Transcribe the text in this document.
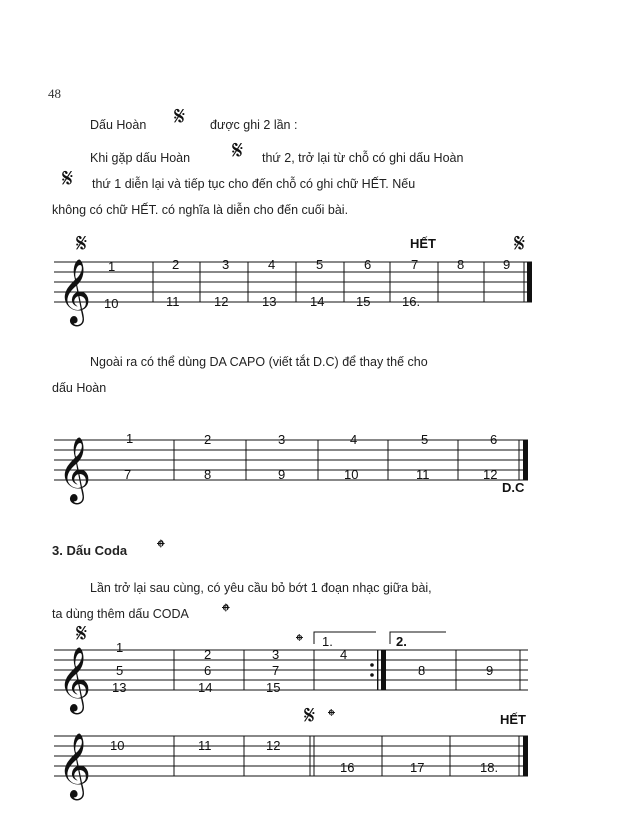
48
Dấu Hoàn 𝄋 được ghi 2 lần :
Khi gặp dấu Hoàn 𝄋 thứ 2, trở lại từ chỗ có ghi dấu Hoàn
𝄋 thứ 1 diễn lại và tiếp tục cho đến chỗ có ghi chữ HẾT. Nếu
không có chữ HẾT. có nghĩa là diễn cho đến cuối bài.
𝄞
𝄋	𝄋
HẾT
1	2	3	4	5	6	7	8	9
10	11	12	13	14 15 16.
Ngoài ra có thể dùng DA CAPO (viết tắt D.C) để thay thế cho
dấu Hoàn
𝄞	1	2	3	4	5	6
7	8	9	10	11	12
D.C
3. Dấu Coda 𝄌
Lần trở lại sau cùng, có yêu cầu bỏ bớt 1 đoạn nhạc giữa bài,
ta dùng thêm dấu CODA 𝄌
𝄞
𝄋	𝄌 1.	2.
1	2	3	4
8	9
5	6	7
13	14	15
𝄞
𝄋 𝄌	HẾT
10	11	12
16	17	18.
